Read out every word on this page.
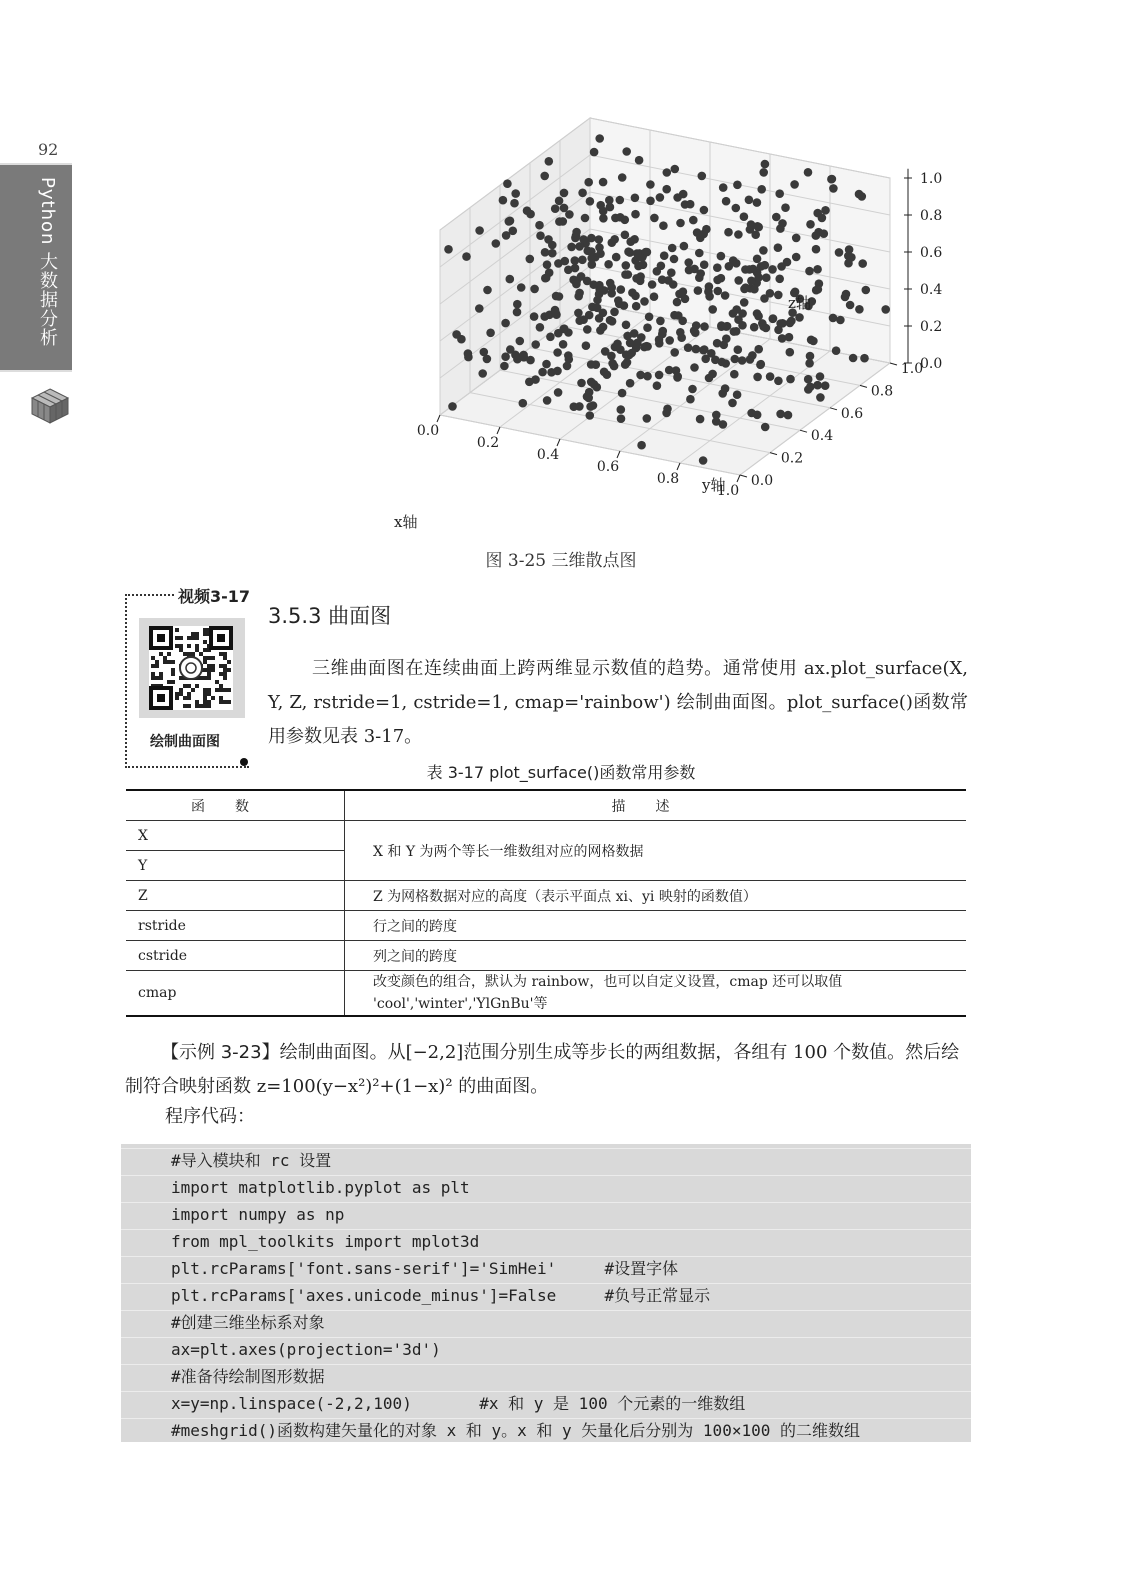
92
Python 大数据分析
0.0
0.2
0.4
0.6
0.8
1.0
0.0
0.2
0.4
0.6
0.8
1.0
0.0
0.2
0.4
0.6
0.8
1.0
x轴
y轴
z轴
图 3-25 三维散点图
视频3-17
绘制曲面图
3.5.3 曲面图
三维曲面图在连续曲面上跨两维显示数值的趋势。通常使用 ax.plot_surface(X, Y, Z, rstride=1, cstride=1, cmap='rainbow') 绘制曲面图。plot_surface()函数常用参数见表 3-17。
表 3-17 plot_surface()函数常用参数
函数	描述
X	X 和 Y 为两个等长一维数组对应的网格数据
Y	
Z	Z 为网格数据对应的高度（表示平面点 xi、yi 映射的函数值）
rstride	行之间的跨度
cstride	列之间的跨度
cmap	改变颜色的组合，默认为 rainbow，也可以自定义设置，cmap 还可以取值 'cool','winter','YlGnBu'等
【示例 3-23】绘制曲面图。从[−2,2]范围分别生成等步长的两组数据，各组有 100 个数值。然后绘制符合映射函数 z=100(y−x²)²+(1−x)² 的曲面图。
程序代码：
#导入模块和 rc 设置
import matplotlib.pyplot as plt
import numpy as np
from mpl_toolkits import mplot3d
plt.rcParams['font.sans-serif']='SimHei'     #设置字体
plt.rcParams['axes.unicode_minus']=False     #负号正常显示
#创建三维坐标系对象
ax=plt.axes(projection='3d')
#准备待绘制图形数据
x=y=np.linspace(-2,2,100)       #x 和 y 是 100 个元素的一维数组
#meshgrid()函数构建矢量化的对象 x 和 y。x 和 y 矢量化后分别为 100×100 的二维数组
